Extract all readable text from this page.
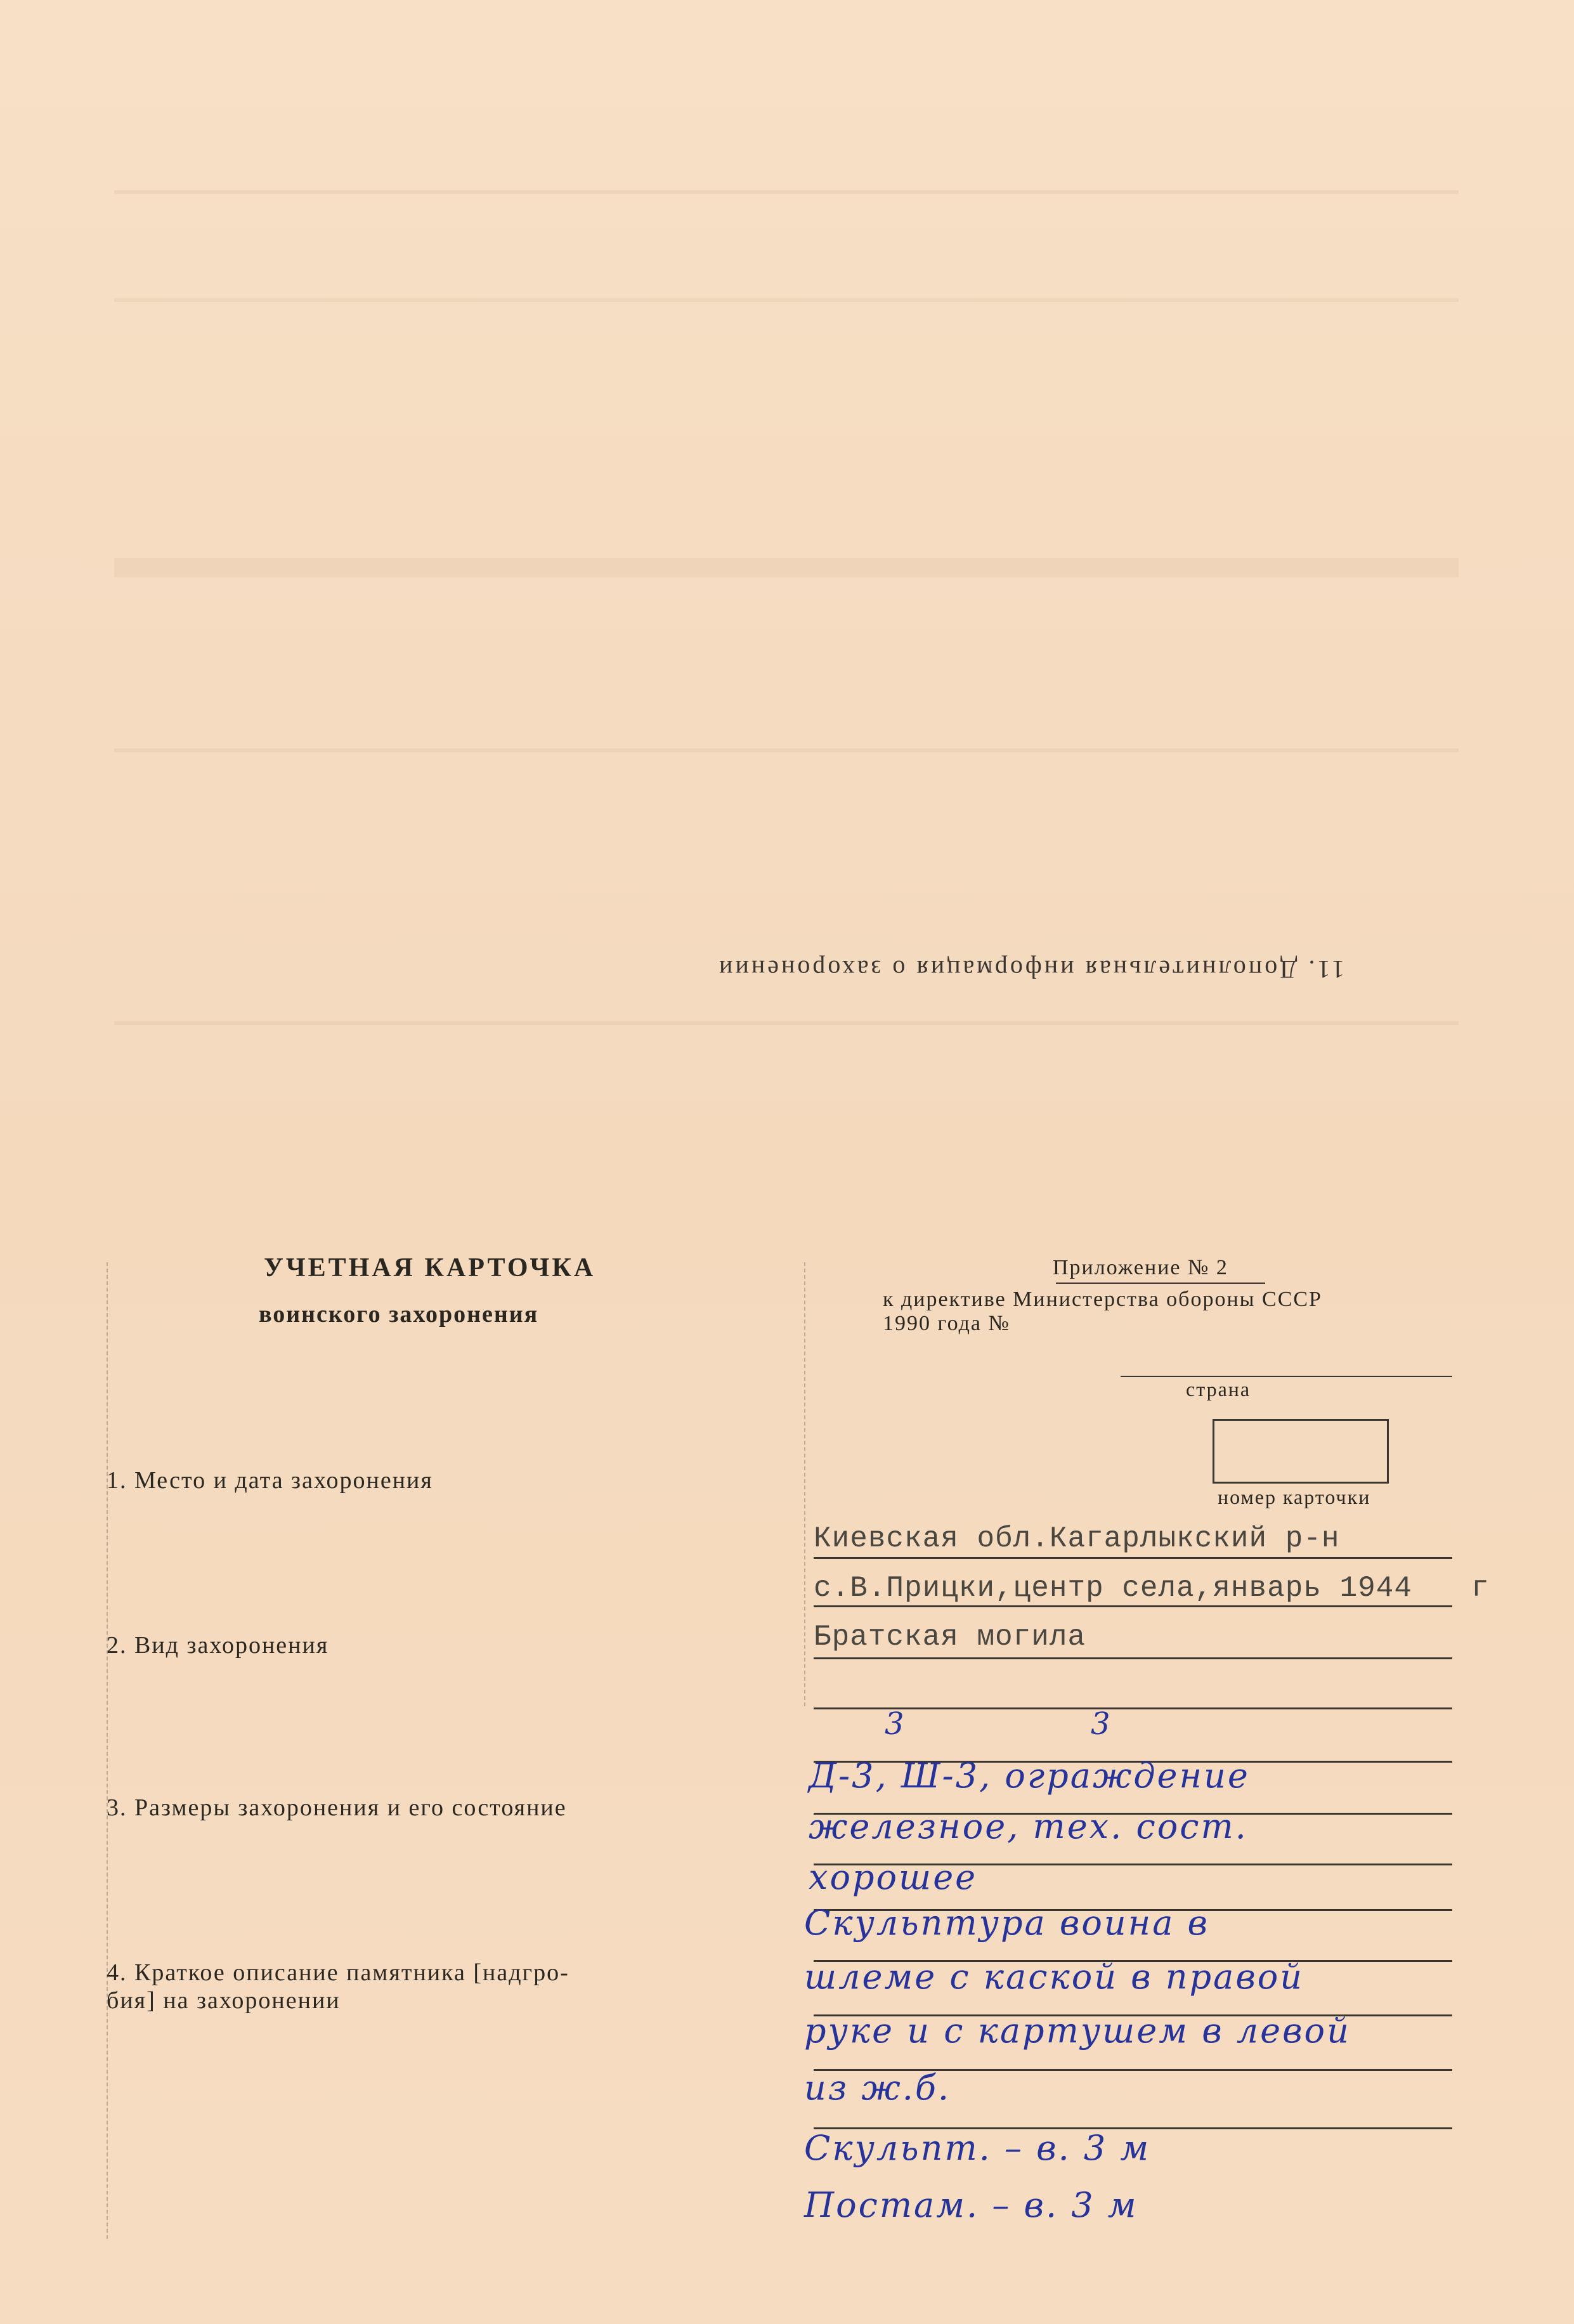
11. Дополнительная информация о захоронении
УЧЕТНАЯ КАРТОЧКА
воинского захоронения
Приложение № 2
к директиве Министерства обороны СССР
1990 года №
страна
номер карточки
1. Место и дата захоронения
2. Вид захоронения
3. Размеры захоронения и его состояние
4. Краткое описание памятника [надгро-
бия] на захоронении
Киевская обл.Кагарлыкский р-н
с.В.Прицки,центр села,январь 1944 г
Братская могила
3	3
Д-3, Ш-3, ограждение
железное, тех. сост.
хорошее
Скульптура воина в
шлеме с каской в правой
руке и с картушем в левой
из ж.б.
Скульпт. – в. 3 м
Постам. – в. 3 м
